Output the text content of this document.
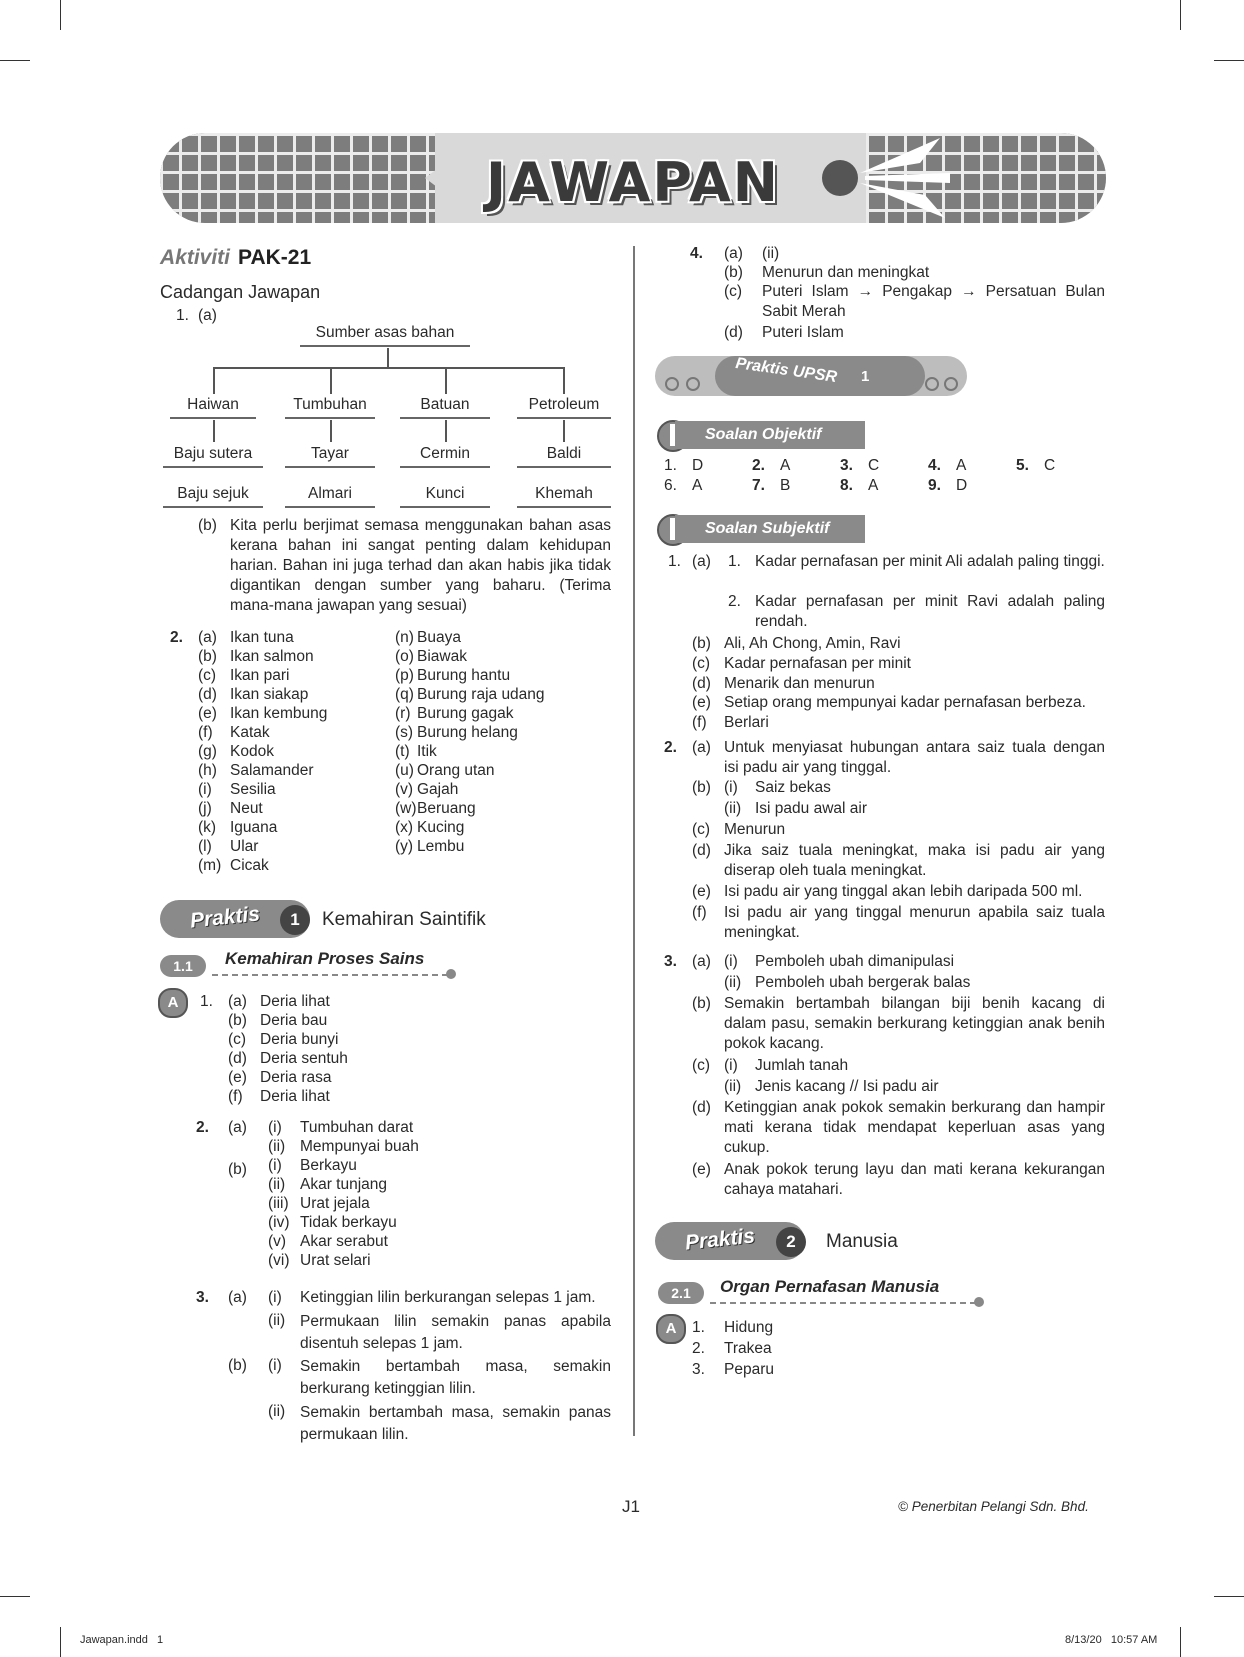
JAWAPAN
Aktiviti PAK-21
Cadangan Jawapan
1. (a)
Sumber asas bahan
Haiwan	Tumbuhan	Batuan	Petroleum
Baju sutera	Tayar	Cermin	Baldi
Baju sejuk	Almari	Kunci	Khemah
(b) Kita perlu berjimat semasa menggunakan bahan asas kerana bahan ini sangat penting dalam kehidupan harian. Bahan ini juga terhad dan akan habis jika tidak digantikan dengan sumber yang baharu. (Terima mana-mana jawapan yang sesuai)
2. (a) Ikan tuna
(b) Ikan salmon
(c) Ikan pari
(d) Ikan siakap
(e) Ikan kembung
(f) Katak
(g) Kodok
(h) Salamander
(i) Sesilia
(j) Neut
(k) Iguana
(l) Ular
(m) Cicak
(n) Buaya
(o) Biawak
(p) Burung hantu
(q) Burung raja udang
(r) Burung gagak
(s) Burung helang
(t) Itik
(u) Orang utan
(v) Gajah
(w) Beruang
(x) Kucing
(y) Lembu
Praktis	1	Kemahiran Saintifik
1.1	Kemahiran Proses Sains
A	1. (a) Deria lihat
(b) Deria bau
(c) Deria bunyi
(d) Deria sentuh
(e) Deria rasa
(f) Deria lihat
2. (a)
(b)
(i) Tumbuhan darat
(ii) Mempunyai buah
(i) Berkayu
(ii) Akar tunjang
(iii) Urat jejala
(iv) Tidak berkayu
(v) Akar serabut
(vi) Urat selari
3. (a) (i) Ketinggian lilin berkurangan selepas 1 jam.
(ii) Permukaan lilin semakin panas apabila disentuh selepas 1 jam.
(b) (i) Semakin bertambah masa, semakin berkurang ketinggian lilin.
(ii) Semakin bertambah masa, semakin panas permukaan lilin.
4. (a) (ii)
(b) Menurun dan meningkat
(c) Puteri Islam → Pengakap → Persatuan Bulan Sabit Merah
(d) Puteri Islam
Praktis UPSR 1
Soalan Objektif
1. D	2. A	3. C	4. A	5. C
6. A	7. B	8. A	9. D
Soalan Subjektif
1. (a) 1. Kadar pernafasan per minit Ali adalah paling tinggi.
2. Kadar pernafasan per minit Ravi adalah paling rendah.
(b) Ali, Ah Chong, Amin, Ravi
(c) Kadar pernafasan per minit
(d) Menarik dan menurun
(e) Setiap orang mempunyai kadar pernafasan berbeza.
(f) Berlari
2. (a) Untuk menyiasat hubungan antara saiz tuala dengan isi padu air yang tinggal.
(b) (i) Saiz bekas
(ii) Isi padu awal air
(c) Menurun
(d) Jika saiz tuala meningkat, maka isi padu air yang diserap oleh tuala meningkat.
(e) Isi padu air yang tinggal akan lebih daripada 500 ml.
(f) Isi padu air yang tinggal menurun apabila saiz tuala meningkat.
3. (a) (i) Pemboleh ubah dimanipulasi
(ii) Pemboleh ubah bergerak balas
(b) Semakin bertambah bilangan biji benih kacang di dalam pasu, semakin berkurang ketinggian anak benih pokok kacang.
(c) (i) Jumlah tanah
(ii) Jenis kacang // Isi padu air
(d) Ketinggian anak pokok semakin berkurang dan hampir mati kerana tidak mendapat keperluan asas yang cukup.
(e) Anak pokok terung layu dan mati kerana kekurangan cahaya matahari.
Praktis	2	Manusia
2.1	Organ Pernafasan Manusia
A	1. Hidung
2. Trakea
3. Peparu
J1	© Penerbitan Pelangi Sdn. Bhd.
Jawapan.indd   1	8/13/20   10:57 AM
